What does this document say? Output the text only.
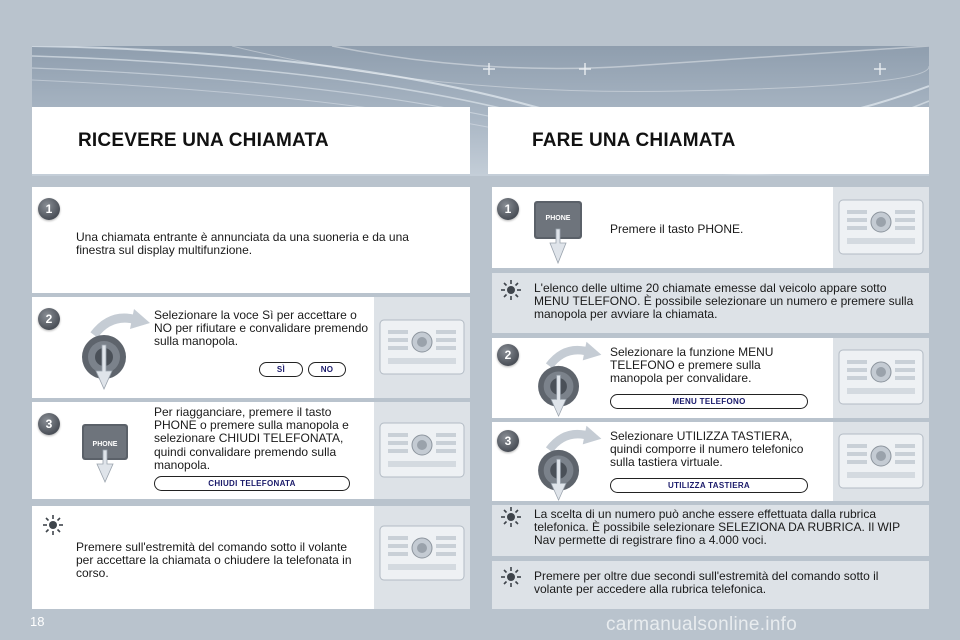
RICEVERE UNA CHIAMATA	FARE UNA CHIAMATA
1
Una chiamata entrante è annunciata da una suoneria e da una finestra sul display multifunzione.
2	Selezionare la voce Sì per accettare o NO per rifiutare e convalidare premendo sulla manopola.
SÌ	NO
3
PHONE
Per riagganciare, premere il tasto PHONE o premere sulla manopola e selezionare CHIUDI TELEFONATA, quindi convalidare premendo sulla manopola.
CHIUDI TELEFONATA
Premere sull'estremità del comando sotto il volante per accettare la chiamata o chiudere la telefonata in corso.
1
PHONE
Premere il tasto PHONE.
L'elenco delle ultime 20 chiamate emesse dal veicolo appare sotto MENU TELEFONO. È possibile selezionare un numero e premere sulla manopola per avviare la chiamata.
2	Selezionare la funzione MENU TELEFONO e premere sulla manopola per convalidare.
MENU TELEFONO
3	Selezionare UTILIZZA TASTIERA, quindi comporre il numero telefonico sulla tastiera virtuale.
UTILIZZA TASTIERA
La scelta di un numero può anche essere effettuata dalla rubrica telefonica. È possibile selezionare SELEZIONA DA RUBRICA. Il WIP Nav permette di registrare fino a 4.000 voci.
Premere per oltre due secondi sull'estremità del comando sotto il volante per accedere alla rubrica telefonica.
18	carmanualsonline.info
